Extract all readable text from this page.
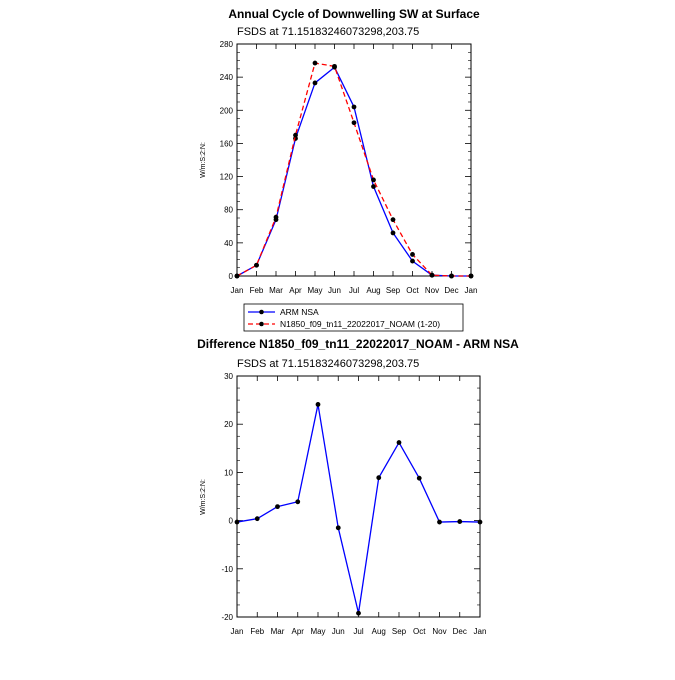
Annual Cycle of Downwelling SW at Surface
FSDS at 71.15183246073298,203.75
W/m:S:2:N:
Jan Feb Mar Apr May Jun Jul Aug Sep Oct Nov Dec Jan
0
40
80
120
160
200
240
280
ARM NSA
N1850_f09_tn11_22022017_NOAM (1-20)
Difference N1850_f09_tn11_22022017_NOAM - ARM NSA
FSDS at 71.15183246073298,203.75
W/m:S:2:N:
Jan Feb Mar Apr May Jun Jul Aug Sep Oct Nov Dec Jan
-20
-10
0
10
20
30
